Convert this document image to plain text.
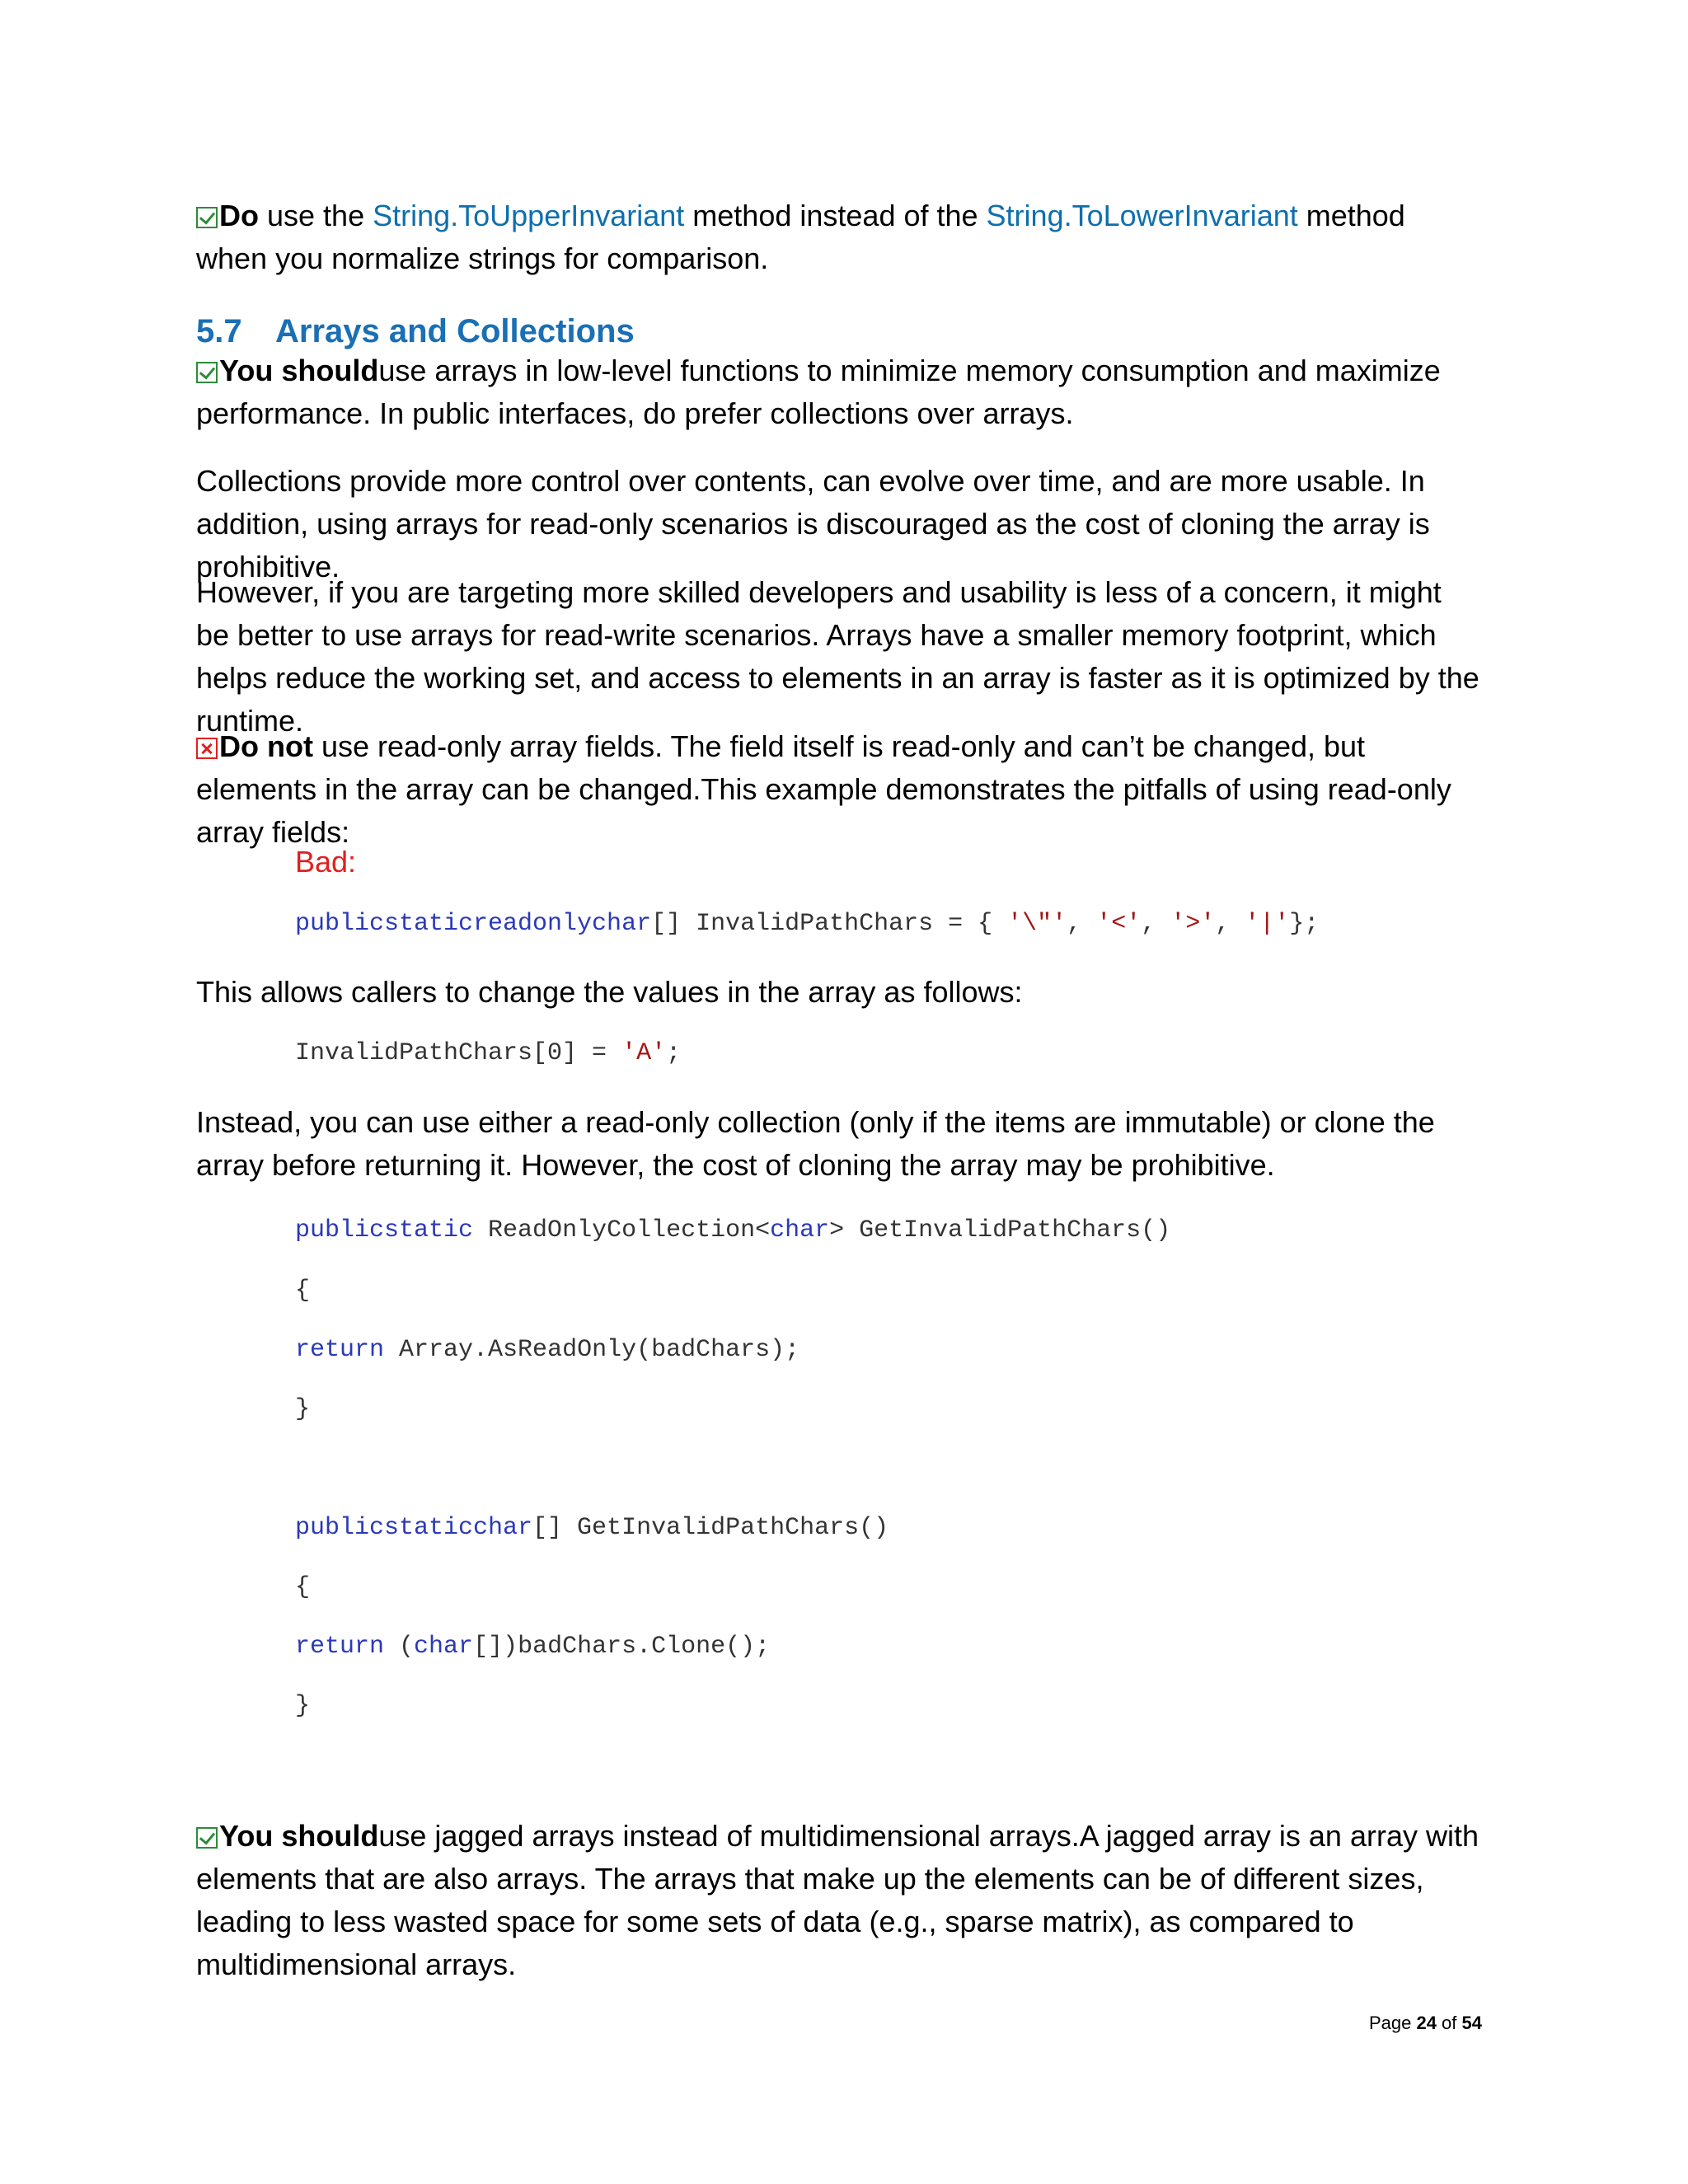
Do use the String.ToUpperInvariant method instead of the String.ToLowerInvariant method when you normalize strings for comparison.

5.7 Arrays and Collections

You shoulduse arrays in low-level functions to minimize memory consumption and maximize performance. In public interfaces, do prefer collections over arrays.

Collections provide more control over contents, can evolve over time, and are more usable. In addition, using arrays for read-only scenarios is discouraged as the cost of cloning the array is prohibitive.

However, if you are targeting more skilled developers and usability is less of a concern, it might be better to use arrays for read-write scenarios. Arrays have a smaller memory footprint, which helps reduce the working set, and access to elements in an array is faster as it is optimized by the runtime.

Do not use read-only array fields. The field itself is read-only and can’t be changed, but elements in the array can be changed.This example demonstrates the pitfalls of using read-only array fields:

Bad:
publicstaticreadonlychar[] InvalidPathChars = { '\"', '<', '>', '|'};

This allows callers to change the values in the array as follows:

InvalidPathChars[0] = 'A';

Instead, you can use either a read-only collection (only if the items are immutable) or clone the array before returning it. However, the cost of cloning the array may be prohibitive.

publicstatic ReadOnlyCollection<char> GetInvalidPathChars()
{
return Array.AsReadOnly(badChars);
}
publicstaticchar[] GetInvalidPathChars()
{
return (char[])badChars.Clone();
}

You shoulduse jagged arrays instead of multidimensional arrays.A jagged array is an array with elements that are also arrays. The arrays that make up the elements can be of different sizes, leading to less wasted space for some sets of data (e.g., sparse matrix), as compared to multidimensional arrays.

Page 24 of 54
